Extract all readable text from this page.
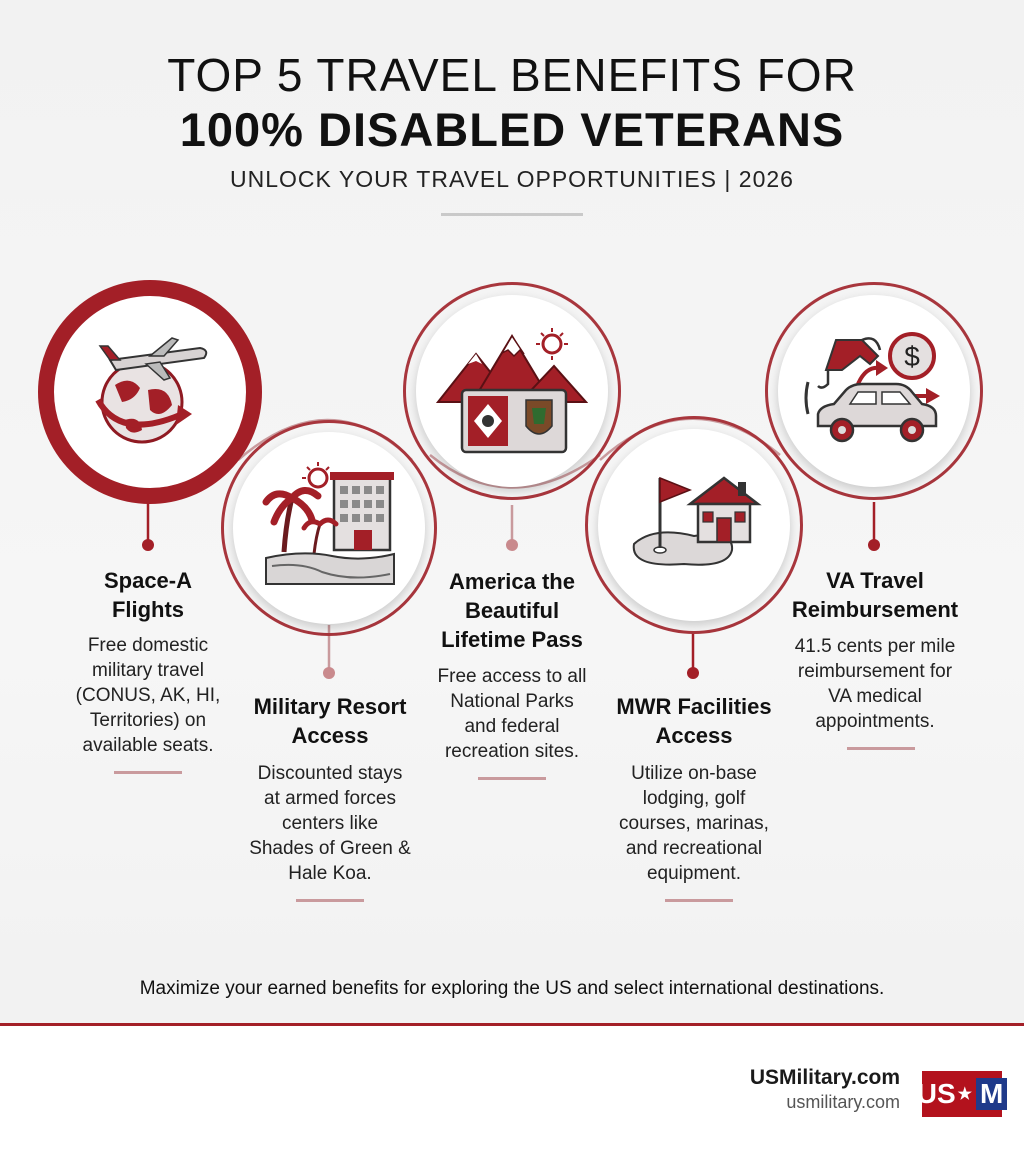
TOP 5 TRAVEL BENEFITS FOR
100% DISABLED VETERANS
UNLOCK YOUR TRAVEL OPPORTUNITIES | 2026
Space-A
Flights
Free domestic
military travel
(CONUS, AK, HI,
Territories) on
available seats.
Military Resort
Access
Discounted stays
at armed forces
centers like
Shades of Green &
Hale Koa.
America the
Beautiful
Lifetime Pass
Free access to all
National Parks
and federal
recreation sites.
MWR Facilities
Access
Utilize on-base
lodging, golf
courses, marinas,
and recreational
equipment.
$
VA Travel
Reimbursement
41.5 cents per mile
reimbursement for
VA medical
appointments.
Maximize your earned benefits for exploring the US and select international destinations.
USMilitary.com
usmilitary.com US ★ M
